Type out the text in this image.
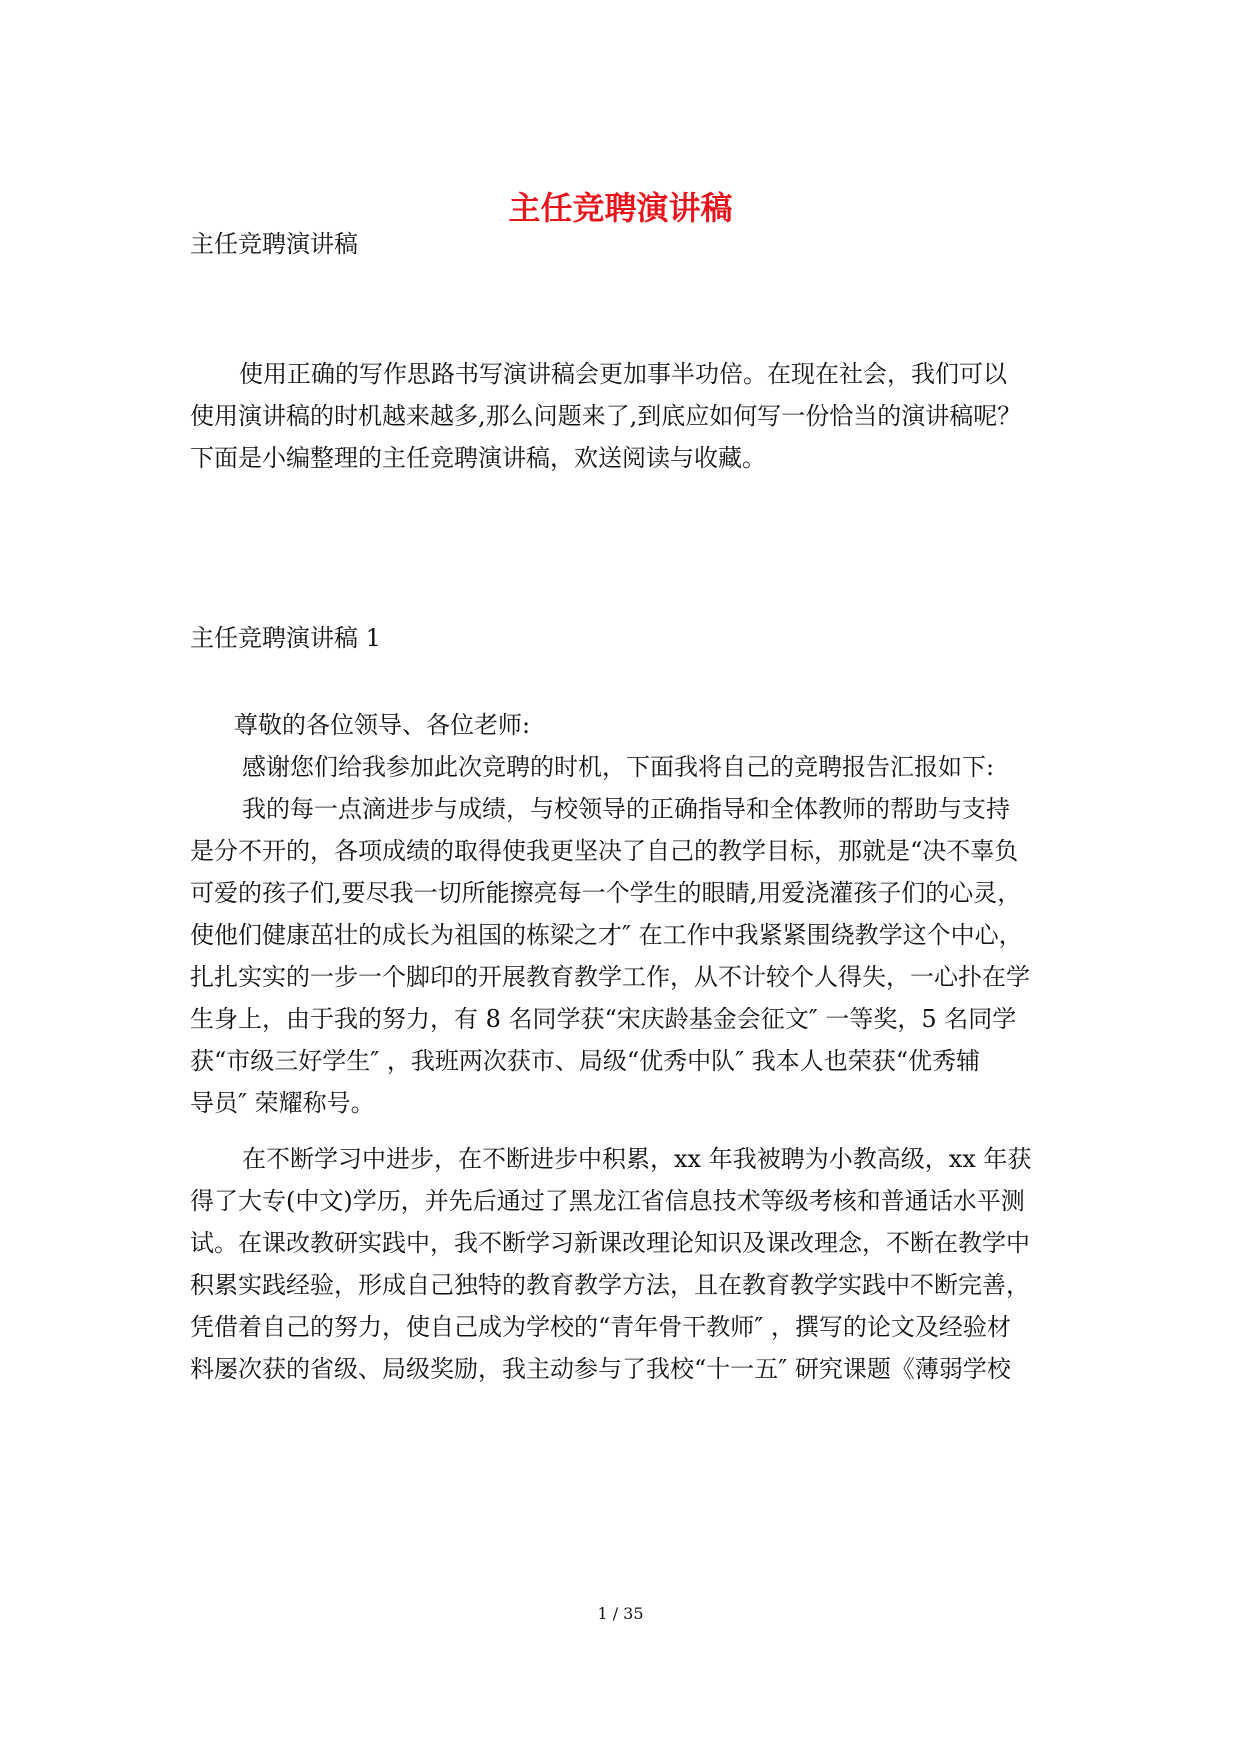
主任竞聘演讲稿

主任竞聘演讲稿

使用正确的写作思路书写演讲稿会更加事半功倍。在现在社会，我们可以
使用演讲稿的时机越来越多,那么问题来了,到底应如何写一份恰当的演讲稿呢？
下面是小编整理的主任竞聘演讲稿，欢送阅读与收藏。

主任竞聘演讲稿 1

尊敬的各位领导、各位老师:

感谢您们给我参加此次竞聘的时机，下面我将自己的竞聘报告汇报如下:

我的每一点滴进步与成绩，与校领导的正确指导和全体教师的帮助与支持
是分不开的，各项成绩的取得使我更坚决了自己的教学目标，那就是“决不辜负
可爱的孩子们,要尽我一切所能擦亮每一个学生的眼睛,用爱浇灌孩子们的心灵，
使他们健康茁壮的成长为祖国的栋梁之才″ 在工作中我紧紧围绕教学这个中心，
扎扎实实的一步一个脚印的开展教育教学工作，从不计较个人得失，一心扑在学
生身上，由于我的努力，有 8 名同学获“宋庆龄基金会征文″ 一等奖，5 名同学
获“市级三好学生″ ，我班两次获市、局级“优秀中队″ 我本人也荣获“优秀辅
导员″ 荣耀称号。
在不断学习中进步，在不断进步中积累，xx 年我被聘为小教高级，xx 年获
得了大专(中文)学历，并先后通过了黑龙江省信息技术等级考核和普通话水平测
试。在课改教研实践中，我不断学习新课改理论知识及课改理念，不断在教学中
积累实践经验，形成自己独特的教育教学方法，且在教育教学实践中不断完善，
凭借着自己的努力，使自己成为学校的“青年骨干教师″ ，撰写的论文及经验材
料屡次获的省级、局级奖励，我主动参与了我校“十一五″ 研究课题《薄弱学校
1 / 35
